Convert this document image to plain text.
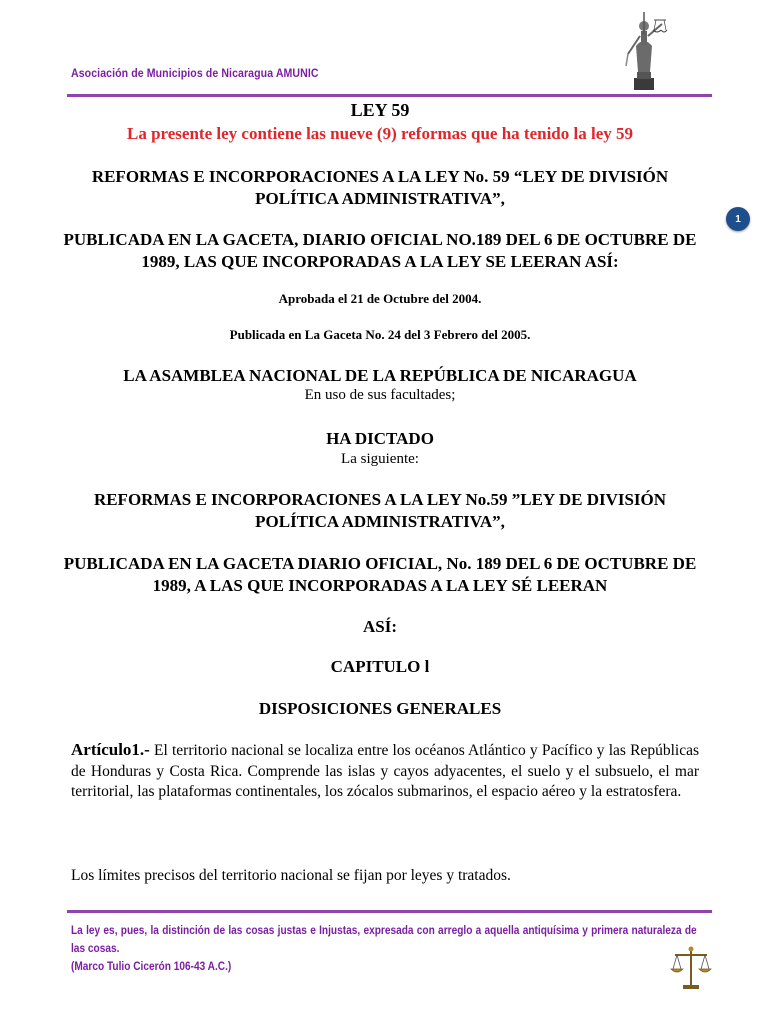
Asociación de Municipios de Nicaragua AMUNIC
1
LEY 59
La presente ley contiene las nueve (9) reformas que ha tenido la ley 59
REFORMAS E INCORPORACIONES A LA LEY No. 59 “LEY DE DIVISIÓN POLÍTICA ADMINISTRATIVA”,
PUBLICADA EN LA GACETA, DIARIO OFICIAL NO.189 DEL 6 DE OCTUBRE DE 1989, LAS QUE INCORPORADAS A LA LEY SE LEERAN ASÍ:
Aprobada el 21 de Octubre del 2004.
Publicada en La Gaceta No. 24 del 3 Febrero del 2005.
LA ASAMBLEA NACIONAL DE LA REPÚBLICA DE NICARAGUA
En uso de sus facultades;
HA DICTADO
La siguiente:
REFORMAS E INCORPORACIONES A LA LEY No.59 ”LEY DE DIVISIÓN POLÍTICA ADMINISTRATIVA”,
PUBLICADA EN LA GACETA DIARIO OFICIAL, No. 189 DEL 6 DE OCTUBRE DE 1989, A LAS QUE INCORPORADAS A LA LEY SÉ LEERAN
ASÍ:
CAPITULO l
DISPOSICIONES GENERALES
Artículo1.- El territorio nacional se localiza entre los océanos Atlántico y Pacífico y las Repúblicas de Honduras y Costa Rica. Comprende las islas y cayos adyacentes, el suelo y el subsuelo, el mar territorial, las plataformas continentales, los zócalos submarinos, el espacio aéreo y la estratosfera.
Los límites precisos del territorio nacional se fijan por leyes y tratados.
La ley es, pues, la distinción de las cosas justas e Injustas, expresada con arreglo a aquella antiquísima y primera naturaleza de las cosas.
(Marco Tulio Cicerón 106-43 A.C.)
